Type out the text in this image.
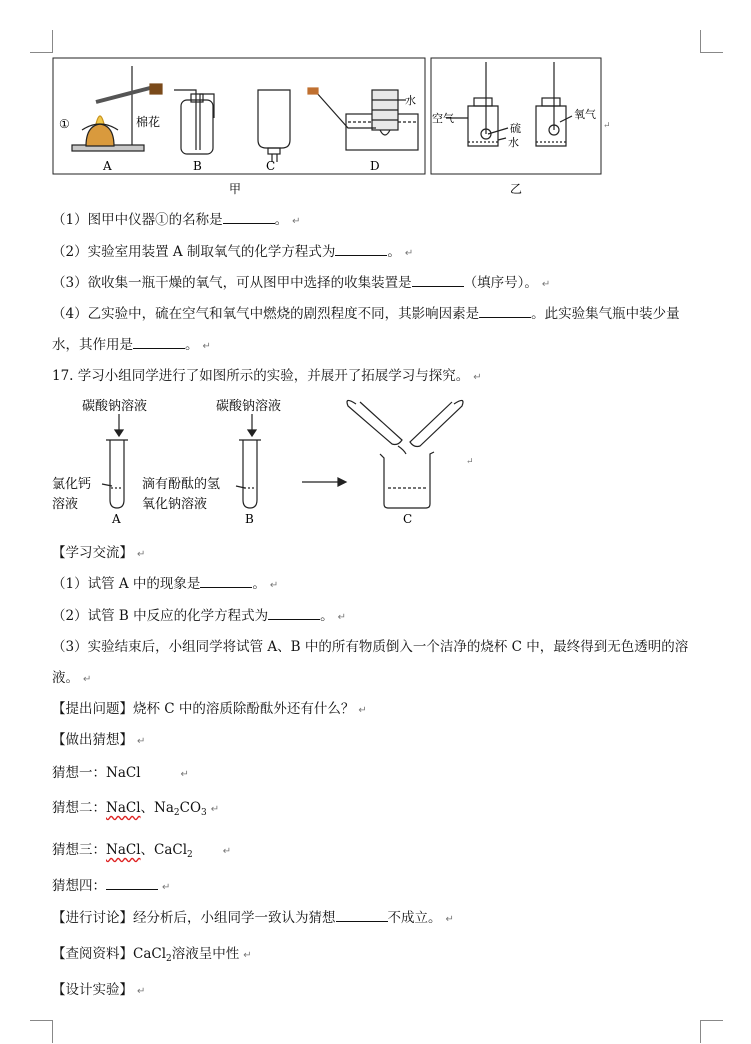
①	棉花
水
A	B	C	D
空气
硫
水
氧气
↵
甲	乙
（1）图甲中仪器①的名称是	。 ↵
（2）实验室用装置 A 制取氧气的化学方程式为	。 ↵
（3）欲收集一瓶干燥的氧气，可从图甲中选择的收集装置是	（填序号）。 ↵
（4）乙实验中，硫在空气和氧气中燃烧的剧烈程度不同，其影响因素是	。此实验集气瓶中装少量
水，其作用是	。 ↵
17. 学习小组同学进行了如图所示的实验，并展开了拓展学习与探究。 ↵
碳酸钠溶液	碳酸钠溶液
氯化钙
溶液
滴有酚酞的氢
氧化钠溶液
A	B	C
↵
【学习交流】 ↵
（1）试管 A 中的现象是	。 ↵
（2）试管 B 中反应的化学方程式为	。 ↵
（3）实验结束后，小组同学将试管 A、B 中的所有物质倒入一个洁净的烧杯 C 中，最终得到无色透明的溶
液。 ↵
【提出问题】烧杯 C 中的溶质除酚酞外还有什么？ ↵
【做出猜想】 ↵
猜想一：NaCl	↵
猜想二：NaCl、$Na_2CO_3$ ↵
猜想三：NaCl、CaCl$_2$	↵
猜想四：	↵
【进行讨论】经分析后，小组同学一致认为猜想	不成立。 ↵
【查阅资料】CaCl$_2$溶液呈中性 ↵
【设计实验】 ↵
